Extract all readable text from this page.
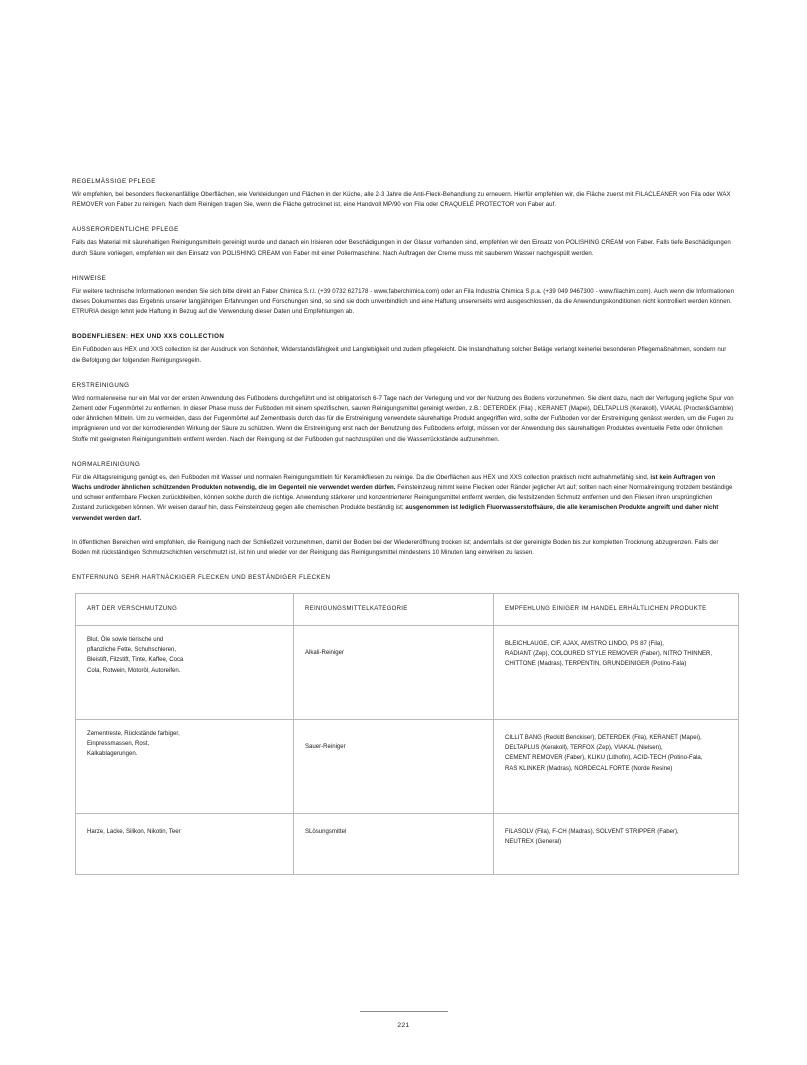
REGELMÄSSIGE PFLEGE

Wir empfehlen, bei besonders fleckenanfällige Oberflächen, wie Verkleidungen und Flächen in der Küche, alle 2-3 Jahre die Anti-Fleck-Behandlung zu erneuern. Hierfür empfehlen wir, die Fläche zuerst mit FILACLEANER von Fila oder WAX REMOVER von Faber zu reinigen. Nach dem Reinigen tragen Sie, wenn die Fläche getrocknet ist, eine Handvoll MP/90 von Fila oder CRAQUELÉ PROTECTOR von Faber auf.

AUSSERORDENTLICHE PFLEGE

Falls das Material mit säurehaltigen Reinigungsmitteln gereinigt wurde und danach ein Irisieren oder Beschädigungen in der Glasur vorhanden sind, empfehlen wir den Einsatz von POLISHING CREAM von Faber. Falls tiefe Beschädigungen durch Säure vorliegen, empfehlen wir den Einsatz von POLISHING CREAM von Faber mit einer Poliermaschine. Nach Auftragen der Creme muss mit sauberem Wasser nachgespült werden.

HINWEISE

Für weitere technische Informationen wenden Sie sich bitte direkt an Faber Chimica S.r.l. (+39 0732 627178 - www.faberchimica.com) oder an Fila Industria Chimica S.p.a. (+39 049 9467300 - www.filachim.com). Auch wenn die Informationen dieses Dokumentes das Ergebnis unserer langjährigen Erfahrungen und Forschungen sind, so sind sie doch unverbindlich und eine Haftung unsererseits wird ausgeschlossen, da die Anwendungskonditionen nicht kontrolliert werden können. ETRURIA design lehnt jede Haftung in Bezug auf die Verwendung dieser Daten und Empfehlungen ab.

BODENFLIESEN: HEX UND XXS COLLECTION

Ein Fußboden aus HEX und XXS collection ist der Ausdruck von Schönheit, Widerstandsfähigkeit und Langlebigkeit und zudem pflegeleicht. Die Instandhaltung solcher Beläge verlangt keinerlei besonderen Pflegemaßnahmen, sondern nur die Befolgung der folgenden Reinigungsregeln.

ERSTREINIGUNG

Wird normalerweise nur ein Mal vor der ersten Anwendung des Fußbodens durchgeführt und ist obligatorisch 6-7 Tage nach der Verlegung und vor der Nutzung des Bodens vorzunehmen. Sie dient dazu, nach der Verfugung jegliche Spur von Zement oder Fugenmörtel zu entfernen. In dieser Phase muss der Fußboden mit einem spezifischen, sauren Reinigungsmittel gereinigt werden, z.B.: DETERDEK (Fila) , KERANET (Mapei), DELTAPLUS (Kerakoll), VIAKAL (Procter&Gamble) oder ähnlichen Mitteln. Um zu vermeiden, dass der Fugenmörtel auf Zementbasis durch das für die Erstreinigung verwendete säurehaltige Produkt angegriffen wird, sollte der Fußboden vor der Erstreinigung genässt werden, um die Fugen zu imprägnieren und vor der korrodierenden Wirkung der Säure zu schützen. Wenn die Erstreinigung erst nach der Benutzung des Fußbodens erfolgt, müssen vor der Anwendung des säurehaltigen Produktes eventuelle Fette oder öhnlichen Stoffe mit geeigneten Reinigungsmitteln entfernt werden. Nach der Reinigung ist der Fußboden gut nachzuspülen und die Wasserrückstände aufzunehmen.

NORMALREINIGUNG

Für die Alltagsreinigung genügt es, den Fußboden mit Wasser und normalen Reinigungsmitteln für Keramikfliesen zu reinige. Da die Oberflächen aus HEX und XXS collection praktisch nicht aufnahmefähig sind, ist kein Auftragen von Wachs und/oder ähnlichen schützenden Produkten notwendig, die im Gegenteil nie verwendet werden dürfen. Feinsteinzeug nimmt keine Flecken oder Ränder jeglicher Art auf; sollten nach einer Normalreinigung trotzdem beständige und schwer entfernbare Flecken zurückbleiben, können solche durch die richtige. Anwendung stärkerer und konzentrierterer Reinigungsmittel entfernt werden, die festsitzenden Schmutz entfernen und den Fliesen ihren ursprünglichen Zustand zurückgeben können. Wir weisen darauf hin, dass Feinsteinzeug gegen alle chemischen Produkte beständig ist; ausgenommen ist lediglich Fluorwasserstoffsäure, die alle keramischen Produkte angreift und daher nicht verwendet werden darf.

In öffentlichen Bereichen wird empfohlen, die Reinigung nach der Schließzeit vorzunehmen, damit der Boden bei der Wiedereröffnung trocken ist; andernfalls ist der gereinigte Boden bis zur kompletten Trocknung abzugrenzen. Falls der Boden mit rückständigen Schmutzschichten verschmutzt ist, ist hin und wieder vor der Reinigung das Reinigungsmittel mindestens 10 Minuten lang einwirken zu lassen.

ENTFERNUNG SEHR HARTNÄCKIGER FLECKEN UND BESTÄNDIGER FLECKEN
ART DER VERSCHMUTZUNG	REINIGUNGSMITTELKATEGORIE	EMPFEHLUNG EINIGER IM HANDEL ERHÄLTLICHEN PRODUKTE
Blut, Öle sowie tierische und
pflanzliche Fette, Schuhschleren,
Bleistift, Filzstift, Tinte, Kaffee, Coca
Cola, Rotwein, Motoröl, Autoreifen.	Alkali-Reiniger	BLEICHLAUGE, CIF, AJAX, AMSTRO LINDO, PS 87 (Fila),
RADIANT (Zep), COLOURED STYLE REMOVER (Faber), NITRO THINNER,
CHITTONE (Madras), TERPENTIN, GRUNDEINIGER (Potino-Fala)
Zementreste, Rückstände farbiger,
Einpressmassen, Rost,
Kalkablagerungen.	Sauer-Reiniger	CILLIT BANG (Reckitt Benckiser), DETERDEK (Fila), KERANET (Mapei),
DELTAPLUS (Kerakoll), TERFOX (Zep), VIAKAL (Nielsen),
CEMENT REMOVER (Faber), KLIKU (Lithofin), ACID-TECH (Potino-Fala,
RAS KLINKER (Madras), NORDECAL FORTE (Norde Resine)
Harze, Lacke, Silikon, Nikotin, Teer	SLösungsmittel	FILASOLV (Fila), F-CH (Madras), SOLVENT STRIPPER (Faber),
NEUTREX (General)
221
